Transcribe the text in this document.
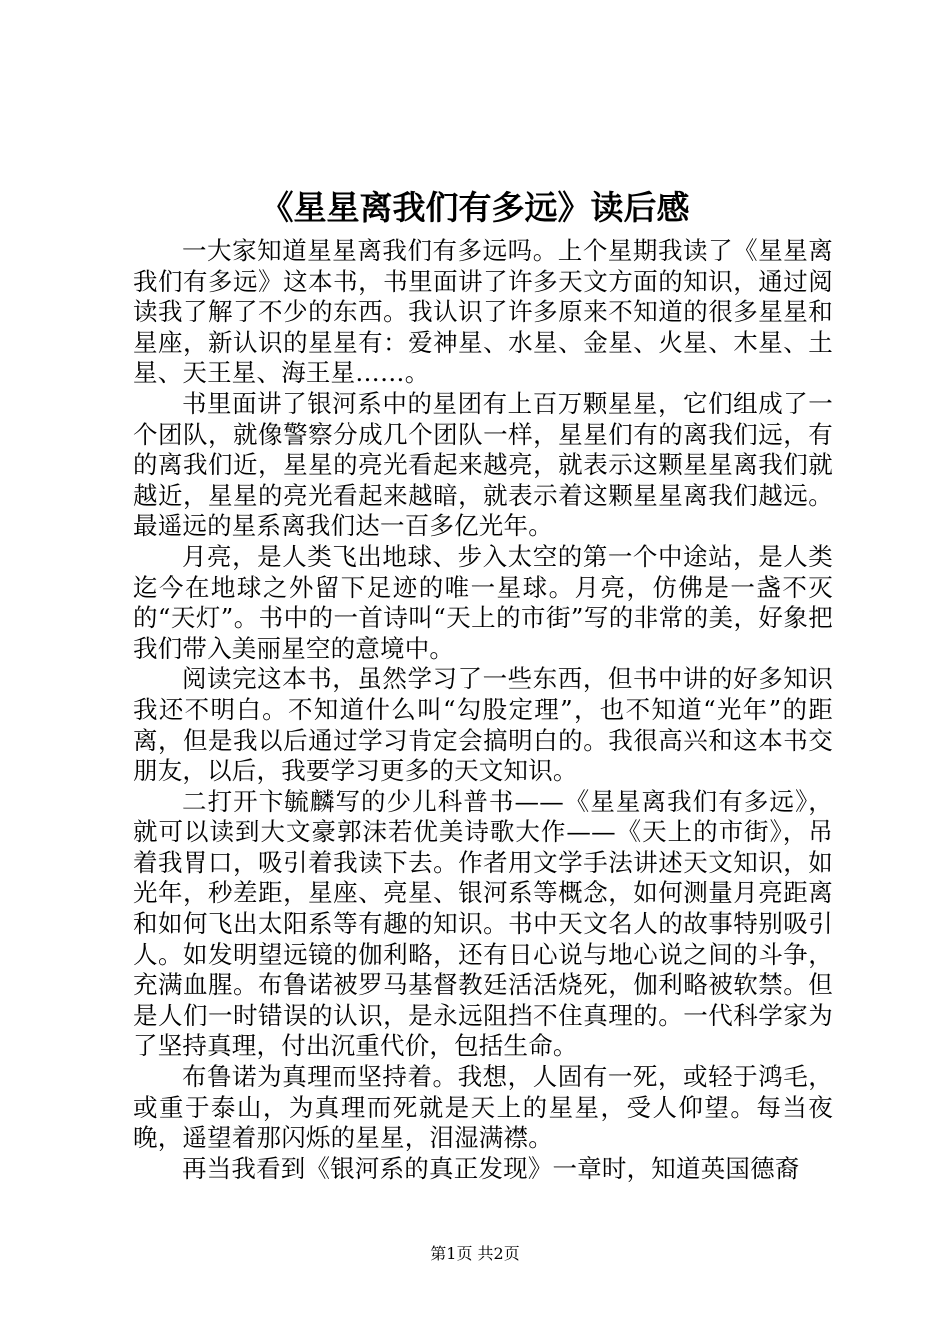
《星星离我们有多远》读后感

一大家知道星星离我们有多远吗。上个星期我读了《星星离我们有多远》这本书，书里面讲了许多天文方面的知识，通过阅读我了解了不少的东西。我认识了许多原来不知道的很多星星和星座，新认识的星星有：爱神星、水星、金星、火星、木星、土星、天王星、海王星……。

书里面讲了银河系中的星团有上百万颗星星，它们组成了一个团队，就像警察分成几个团队一样，星星们有的离我们远，有的离我们近，星星的亮光看起来越亮，就表示这颗星星离我们就越近，星星的亮光看起来越暗，就表示着这颗星星离我们越远。最遥远的星系离我们达一百多亿光年。

月亮，是人类飞出地球、步入太空的第一个中途站，是人类迄今在地球之外留下足迹的唯一星球。月亮，仿佛是一盏不灭的“天灯”。书中的一首诗叫“天上的市街”写的非常的美，好象把我们带入美丽星空的意境中。

阅读完这本书，虽然学习了一些东西，但书中讲的好多知识我还不明白。不知道什么叫“勾股定理”，也不知道“光年”的距离，但是我以后通过学习肯定会搞明白的。我很高兴和这本书交朋友，以后，我要学习更多的天文知识。

二打开卞毓麟写的少儿科普书——《星星离我们有多远》，就可以读到大文豪郭沫若优美诗歌大作——《天上的市街》，吊着我胃口，吸引着我读下去。作者用文学手法讲述天文知识，如光年，秒差距，星座、亮星、银河系等概念，如何测量月亮距离和如何飞出太阳系等有趣的知识。书中天文名人的故事特别吸引人。如发明望远镜的伽利略，还有日心说与地心说之间的斗争，充满血腥。布鲁诺被罗马基督教廷活活烧死，伽利略被软禁。但是人们一时错误的认识，是永远阻挡不住真理的。一代科学家为了坚持真理，付出沉重代价，包括生命。

布鲁诺为真理而坚持着。我想，人固有一死，或轻于鸿毛，或重于泰山，为真理而死就是天上的星星，受人仰望。每当夜晚，遥望着那闪烁的星星，泪湿满襟。

再当我看到《银河系的真正发现》一章时，知道英国德裔

第1页 共2页
